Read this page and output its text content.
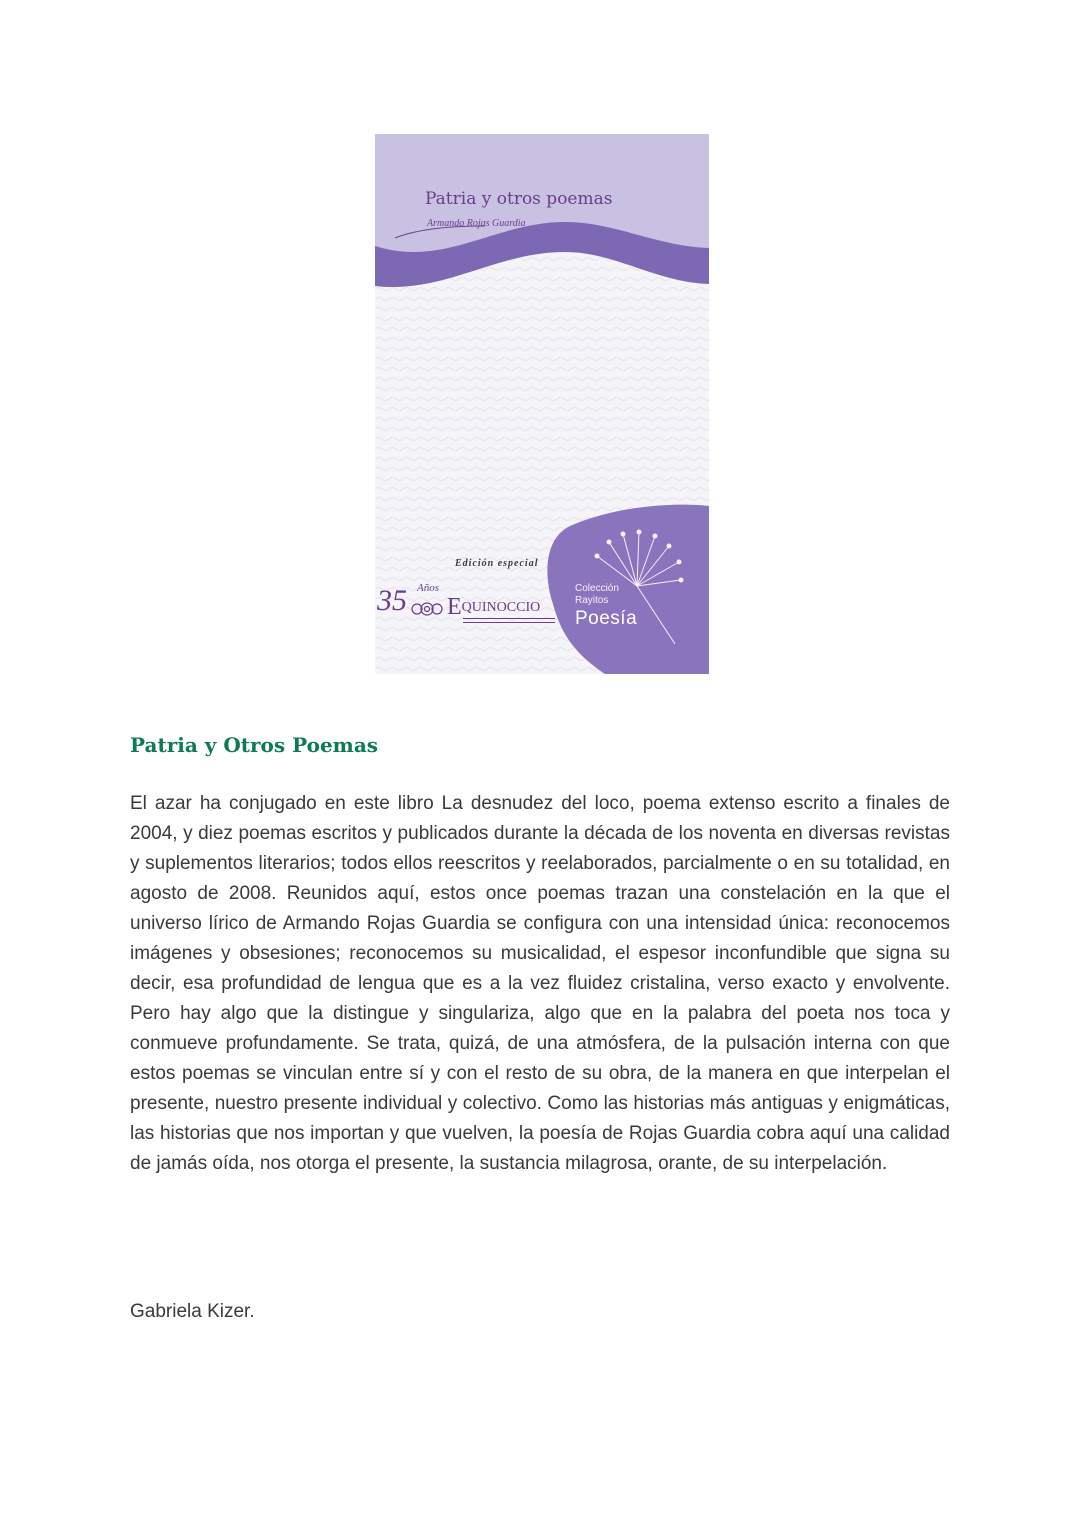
Patria y otros poemas
Armando Rojas Guardia
Edición especial
35 Años
EQUINOCCIO
Colección
Rayitos
Poesía
Patria y Otros Poemas

El azar ha conjugado en este libro La desnudez del loco, poema extenso escrito a finales de 2004, y diez poemas escritos y publicados durante la década de los noventa en diversas revistas y suplementos literarios; todos ellos reescritos y reelaborados, parcialmente o en su totalidad, en agosto de 2008. Reunidos aquí, estos once poemas trazan una constelación en la que el universo lírico de Armando Rojas Guardia se configura con una intensidad única: reconocemos imágenes y obsesiones; reconocemos su musicalidad, el espesor inconfundible que signa su decir, esa profundidad de lengua que es a la vez fluidez cristalina, verso exacto y envolvente. Pero hay algo que la distingue y singulariza, algo que en la palabra del poeta nos toca y conmueve profundamente. Se trata, quizá, de una atmósfera, de la pulsación interna con que estos poemas se vinculan entre sí y con el resto de su obra, de la manera en que interpelan el presente, nuestro presente individual y colectivo. Como las historias más antiguas y enigmáticas, las historias que nos importan y que vuelven, la poesía de Rojas Guardia cobra aquí una calidad de jamás oída, nos otorga el presente, la sustancia milagrosa, orante, de su interpelación.

Gabriela Kizer.
